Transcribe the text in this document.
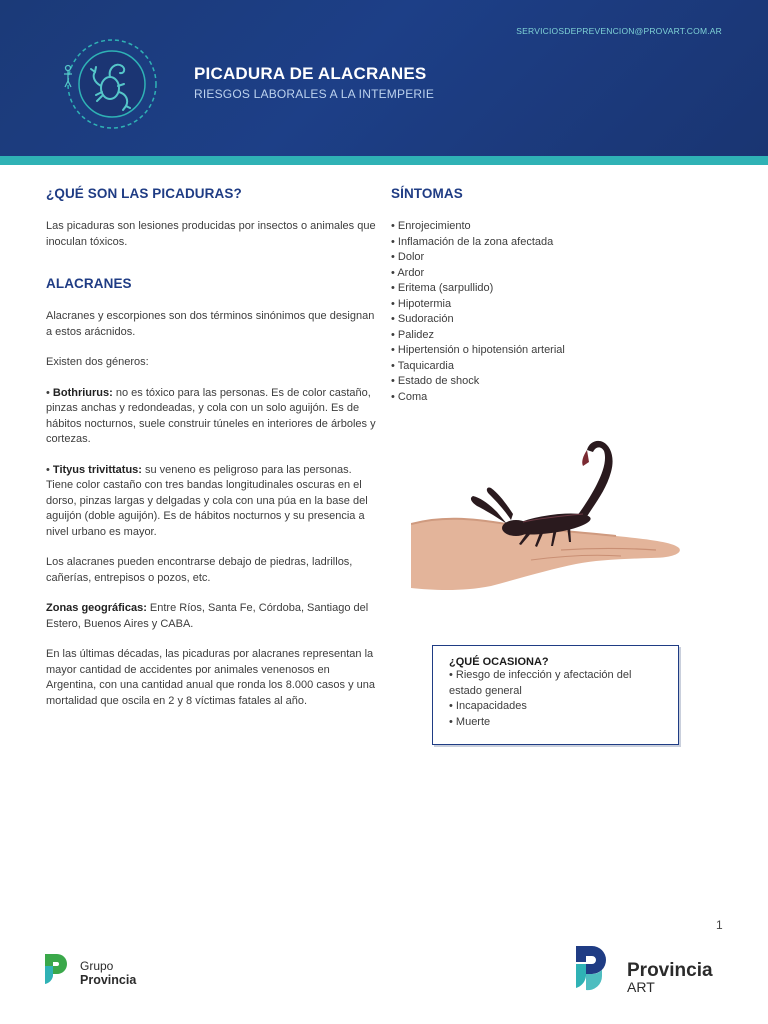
SERVICIOSDEPREVENCION@PROVART.COM.AR
PICADURA DE ALACRANES
RIESGOS LABORALES A LA INTEMPERIE
¿QUÉ SON LAS PICADURAS?

Las picaduras son lesiones producidas por insectos o animales que inoculan tóxicos.

ALACRANES

Alacranes y escorpiones son dos términos sinónimos que designan a estos arácnidos.

Existen dos géneros:

• Bothriurus: no es tóxico para las personas. Es de color castaño, pinzas anchas y redondeadas, y cola con un solo aguijón. Es de hábitos nocturnos, suele construir túneles en interiores de árboles y cortezas.

• Tityus trivittatus: su veneno es peligroso para las personas. Tiene color castaño con tres bandas longitudinales oscuras en el dorso, pinzas largas y delgadas y cola con una púa en la base del aguijón (doble aguijón). Es de hábitos nocturnos y su presencia a nivel urbano es mayor.

Los alacranes pueden encontrarse debajo de piedras, ladrillos, cañerías, entrepisos o pozos, etc.

Zonas geográficas: Entre Ríos, Santa Fe, Córdoba, Santiago del Estero, Buenos Aires y CABA.

En las últimas décadas, las picaduras por alacranes representan la mayor cantidad de accidentes por animales venenosos en Argentina, con una cantidad anual que ronda los 8.000 casos y una mortalidad que oscila en 2 y 8 víctimas fatales al año.

SÍNTOMAS
• Enrojecimiento
• Inflamación de la zona afectada
• Dolor
• Ardor
• Eritema (sarpullido)
• Hipotermia
• Sudoración
• Palidez
• Hipertensión o hipotensión arterial
• Taquicardia
• Estado de shock
• Coma
¿QUÉ OCASIONA?
• Riesgo de infección y afectación del estado general
• Incapacidades
• Muerte
1
Grupo
Provincia	Provincia
ART
